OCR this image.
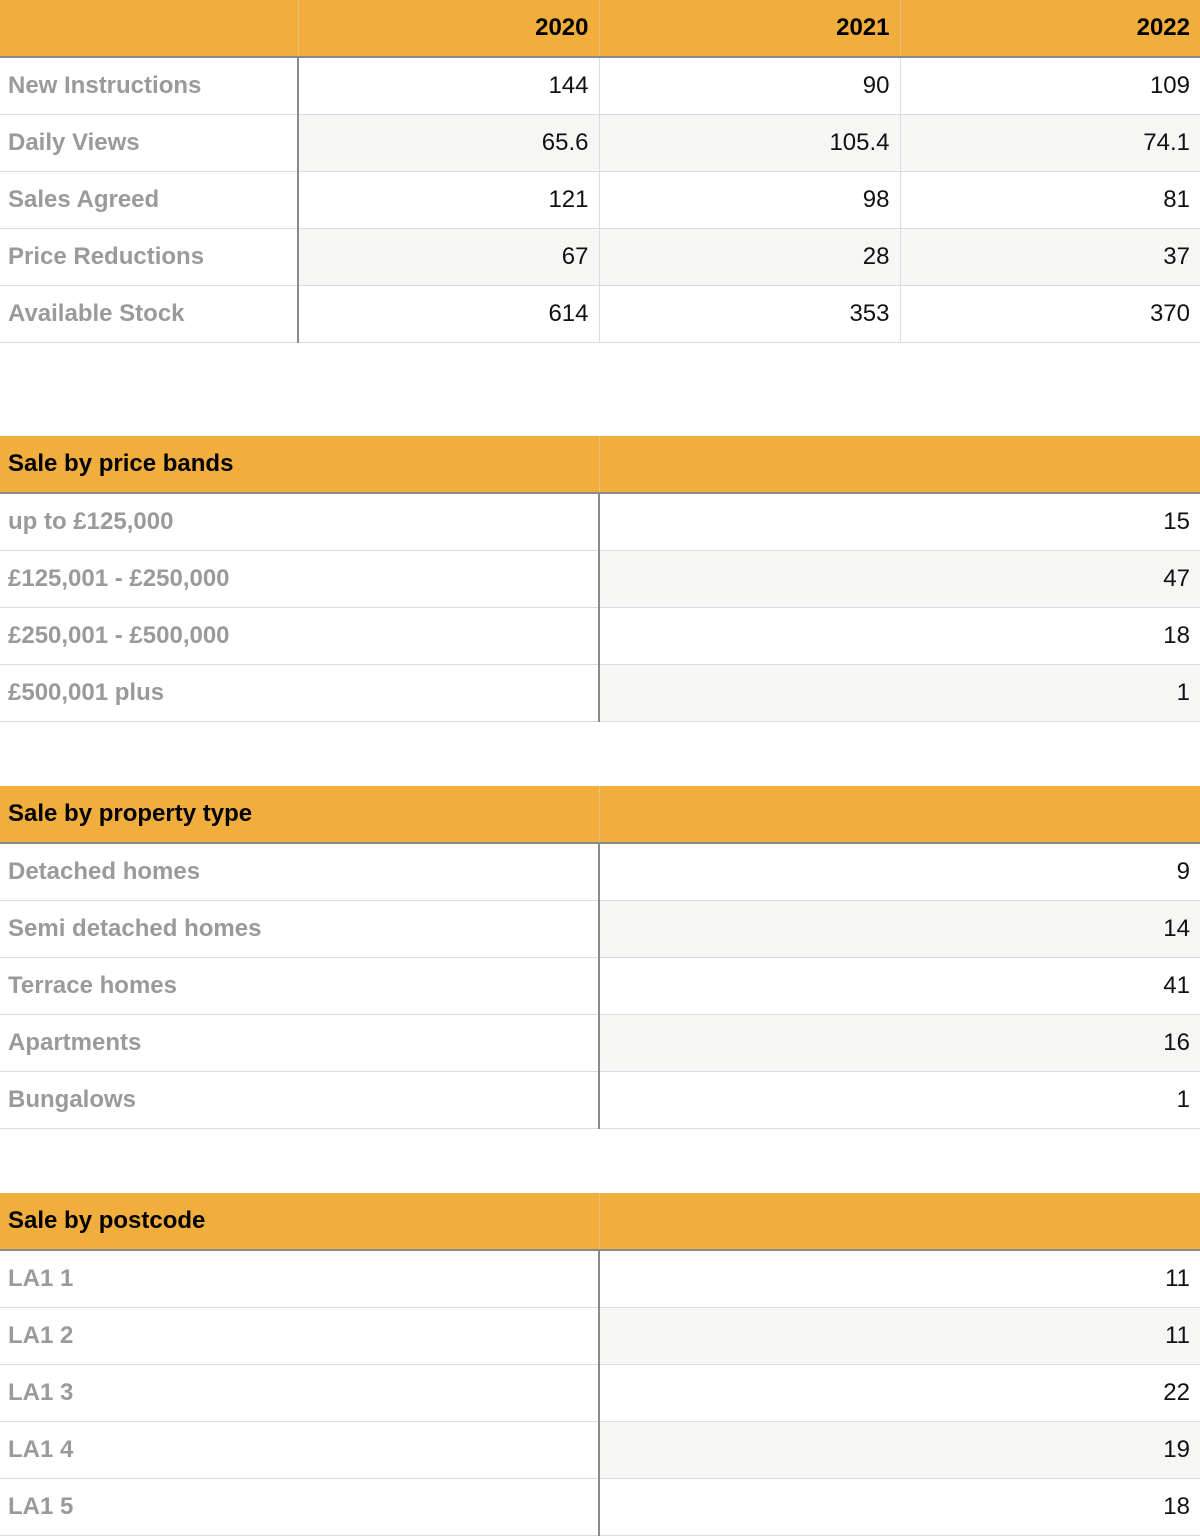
	2020	2021	2022
New Instructions	144	90	109
Daily Views	65.6	105.4	74.1
Sales Agreed	121	98	81
Price Reductions	67	28	37
Available Stock	614	353	370
Sale by price bands	
up to £125,000	15
£125,001 - £250,000	47
£250,001 - £500,000	18
£500,001 plus	1
Sale by property type	
Detached homes	9
Semi detached homes	14
Terrace homes	41
Apartments	16
Bungalows	1
Sale by postcode	
LA1 1	11
LA1 2	11
LA1 3	22
LA1 4	19
LA1 5	18
